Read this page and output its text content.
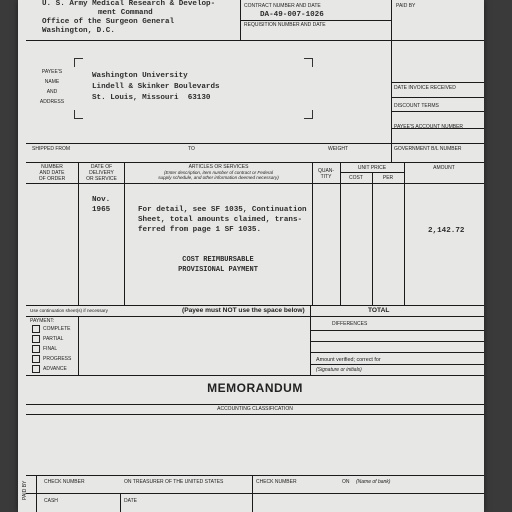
U. S. Army Medical Research & Develop-
ment Command
Office of the Surgeon General
Washington, D.C.
CONTRACT NUMBER AND DATE
DA-49-007-1026
REQUISITION NUMBER AND DATE
PAID BY
PAYEE'S
NAME
AND
ADDRESS
Washington University
Lindell & Skinker Boulevards
St. Louis, Missouri  63130
DATE INVOICE RECEIVED
DISCOUNT TERMS
PAYEE'S ACCOUNT NUMBER
SHIPPED FROM	TO	WEIGHT	GOVERNMENT B/L NUMBER
NUMBER
AND DATE
OF ORDER
DATE OF
DELIVERY
OR SERVICE
ARTICLES OR SERVICES
(Enter description, item number of contract or Federal
supply schedule, and other information deemed necessary)
QUAN-
TITY
UNIT PRICE
COST	PER
AMOUNT
Nov.
1965	For detail, see SF 1035, Continuation
Sheet, total amounts claimed, trans-
ferred from page 1 SF 1035.	2,142.72
COST REIMBURSABLE
PROVISIONAL PAYMENT
Use continuation sheet(s) if necessary	(Payee must NOT use the space below)	TOTAL
PAYMENT:
COMPLETE
PARTIAL
FINAL
PROGRESS
ADVANCE
DIFFERENCES
Amount verified; correct for
(Signature or initials)
MEMORANDUM
ACCOUNTING CLASSIFICATION
CHECK NUMBER	ON TREASURER OF THE UNITED STATES	CHECK NUMBER	ON (Name of bank)
PAID BY
CASH	DATE
